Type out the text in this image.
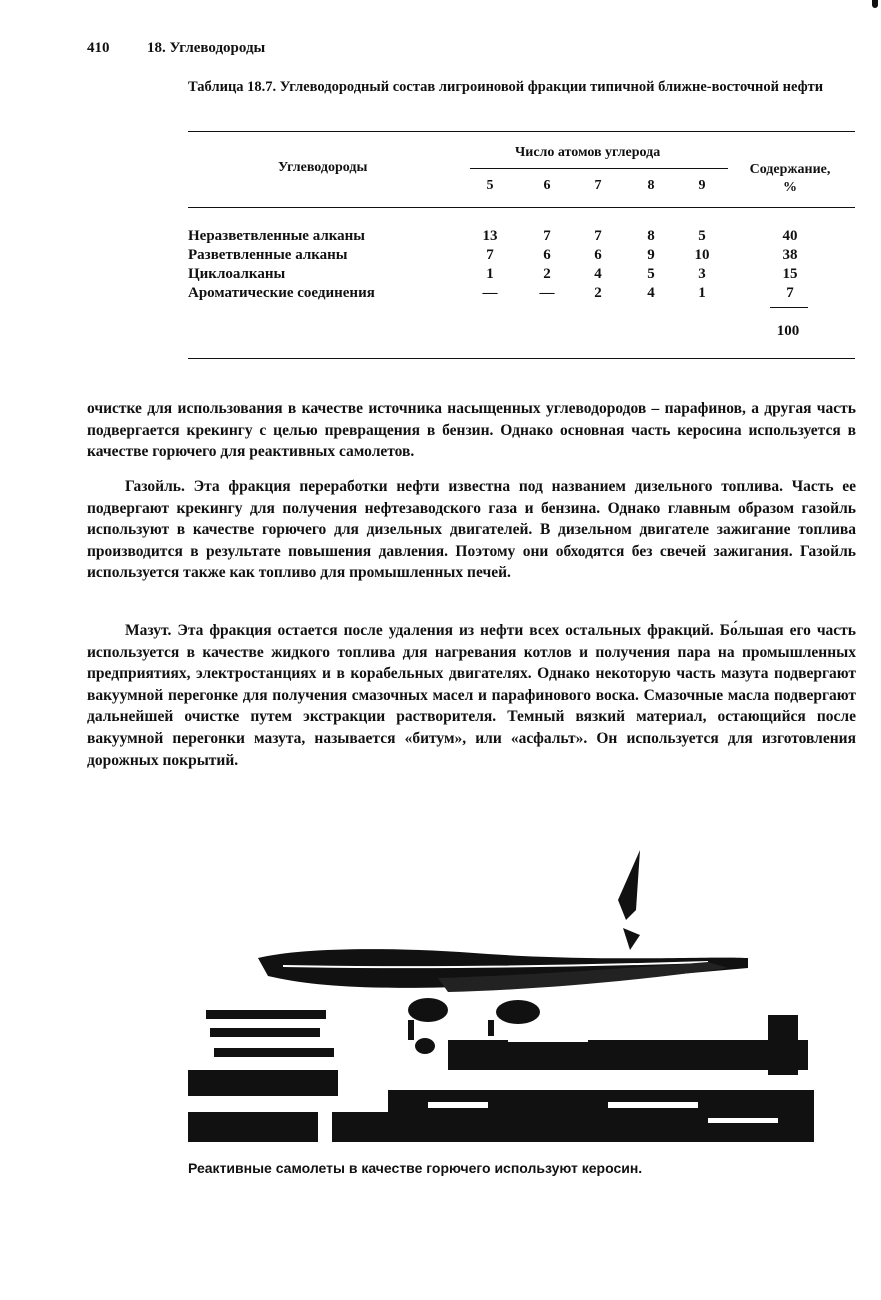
410	18. Углеводороды
Таблица 18.7. Углеводородный состав лигроиновой фракции типичной ближне-восточной нефти
Углеводороды
Число атомов углерода
5	6	7	8	9
Содержание,
%
Неразветвленные алканы	13	7	7	8	5	40
Разветвленные алканы	7	6	6	9	10	38
Циклоалканы	1	2	4	5	3	15
Ароматические соединения	—	—	2	4	1	7
100

очистке для использования в качестве источника насыщенных углеводородов – парафинов, а другая часть подвергается крекингу с целью превращения в бензин. Однако основная часть керосина используется в качестве горючего для реактивных самолетов.

Газойль. Эта фракция переработки нефти известна под названием дизельного топлива. Часть ее подвергают крекингу для получения нефтезаводского газа и бензина. Однако главным образом газойль используют в качестве горючего для дизельных двигателей. В дизельном двигателе зажигание топлива производится в результате повышения давления. Поэтому они обходятся без свечей зажигания. Газойль используется также как топливо для промышленных печей.

Мазут. Эта фракция остается после удаления из нефти всех остальных фракций. Бо́льшая его часть используется в качестве жидкого топлива для нагревания котлов и получения пара на промышленных предприятиях, электростанциях и в корабельных двигателях. Однако некоторую часть мазута подвергают вакуумной перегонке для получения смазочных масел и парафинового воска. Смазочные масла подвергают дальнейшей очистке путем экстракции растворителя. Темный вязкий материал, остающийся после вакуумной перегонки мазута, называется «битум», или «асфальт». Он используется для изготовления дорожных покрытий.

Реактивные самолеты в качестве горючего используют керосин.
